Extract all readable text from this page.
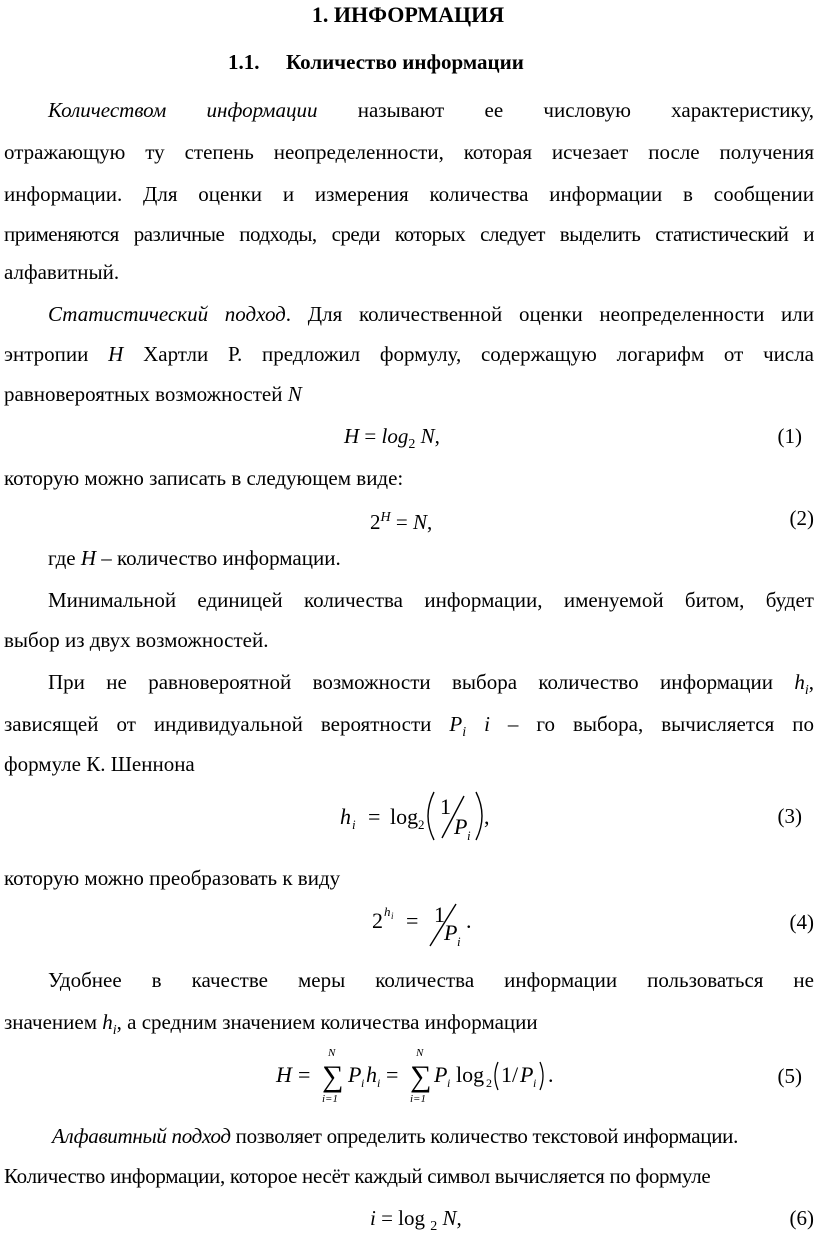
1. ИНФОРМАЦИЯ
1.1. Количество информации
Количеством информации называют ее числовую характеристику,
отражающую ту степень неопределенности, которая исчезает после получения
информации. Для оценки и измерения количества информации в сообщении
применяются различные подходы, среди которых следует выделить статистический и
алфавитный.
Статистический подход. Для количественной оценки неопределенности или
энтропии H Хартли Р. предложил формулу, содержащую логарифм от числа
равновероятных возможностей N
$H = \log_2 N$,	(1)
которую можно записать в следующем виде:
$2^H = N$,	(2)
где H – количество информации.
Минимальной единицей количества информации, именуемой битом, будет
выбор из двух возможностей.
При не равновероятной возможности выбора количество информации $h_i$,
зависящей от индивидуальной вероятности $P_i$ i – го выбора, вычисляется по
формуле К. Шеннона
h i = log 2
1
P i
,	(3)
которую можно преобразовать к виду
2 h i = 1
P i
.	(4)
Удобнее в качестве меры количества информации пользоваться не
значением $h_i$, а средним значением количества информации
H =
N
∑
i=1
P i h i =
N
∑
i=1
P i log 2 1 / P i .	(5)
Алфавитный подход позволяет определить количество текстовой информации.
Количество информации, которое несёт каждый символ вычисляется по формуле
i = log $_2$ N,	(6)
